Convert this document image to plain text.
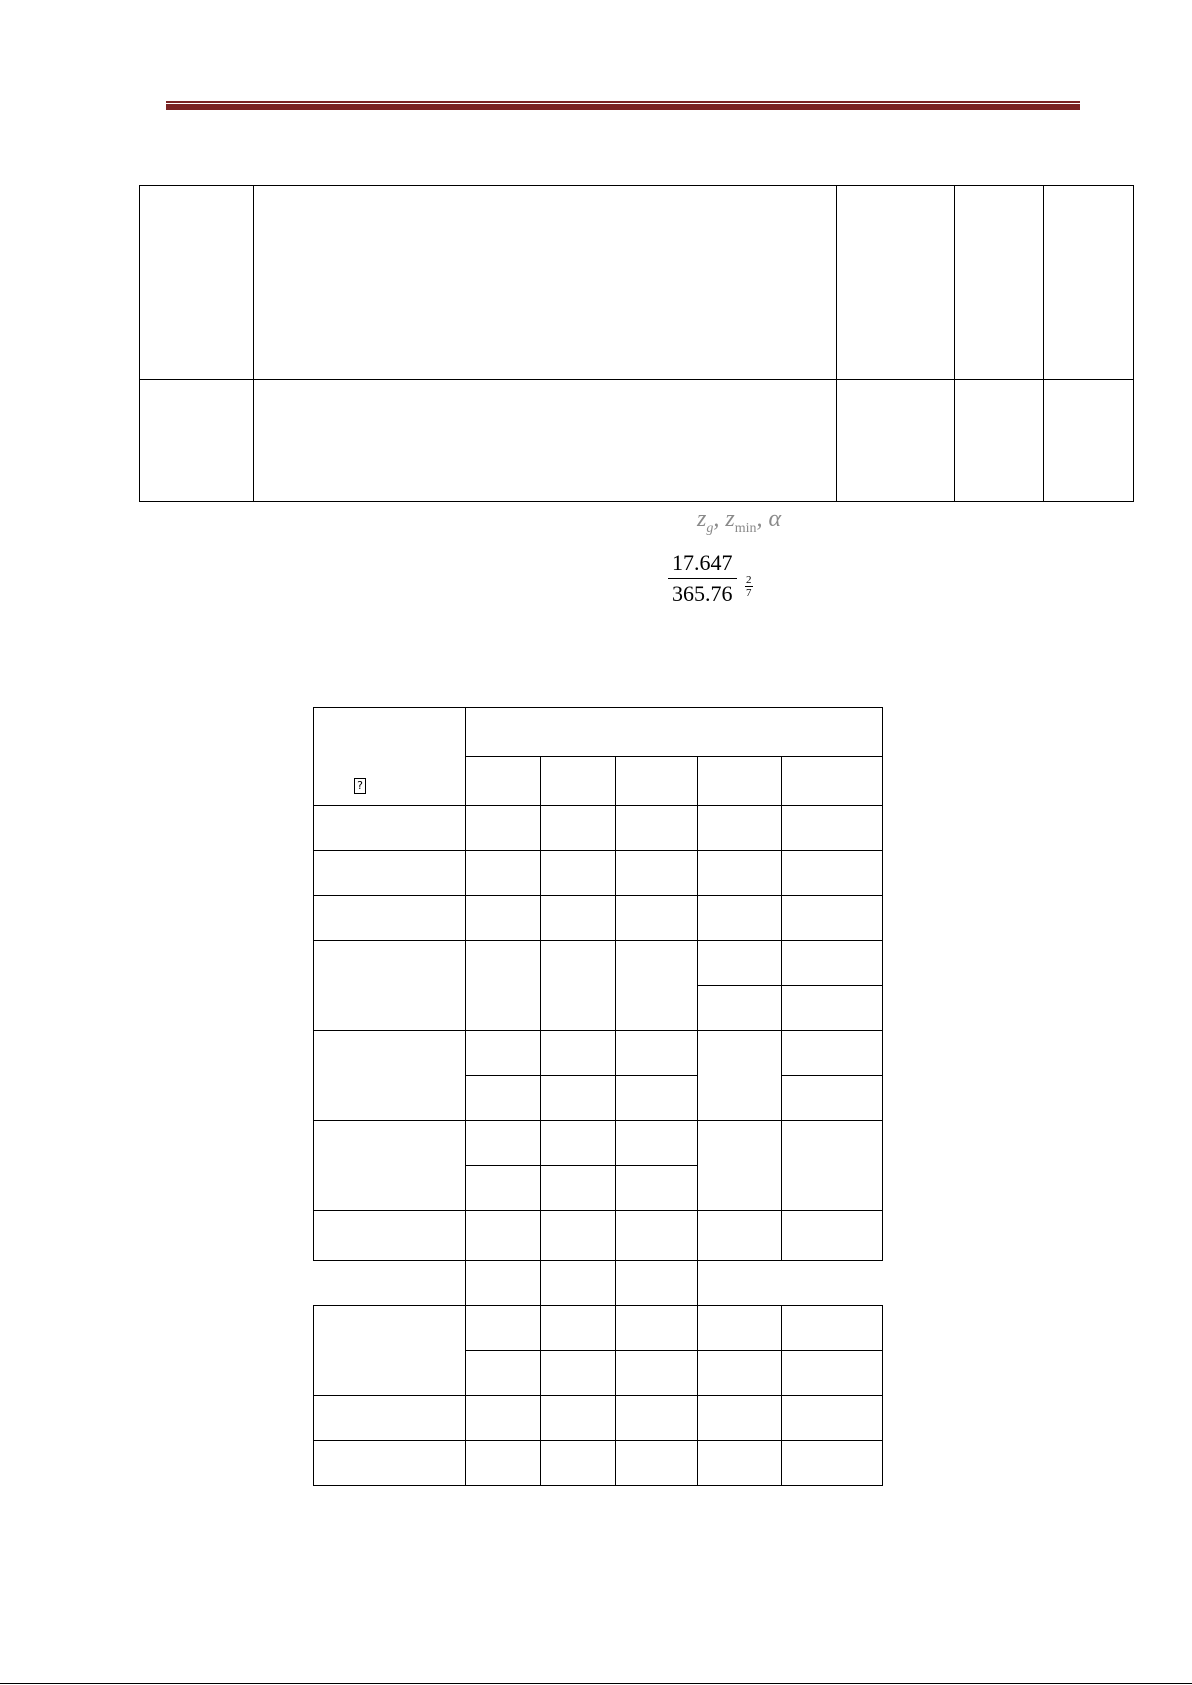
$z_g$, $z_{min}$, α
$\frac{17.647}{365.76} \frac{2}{7}$
?					
